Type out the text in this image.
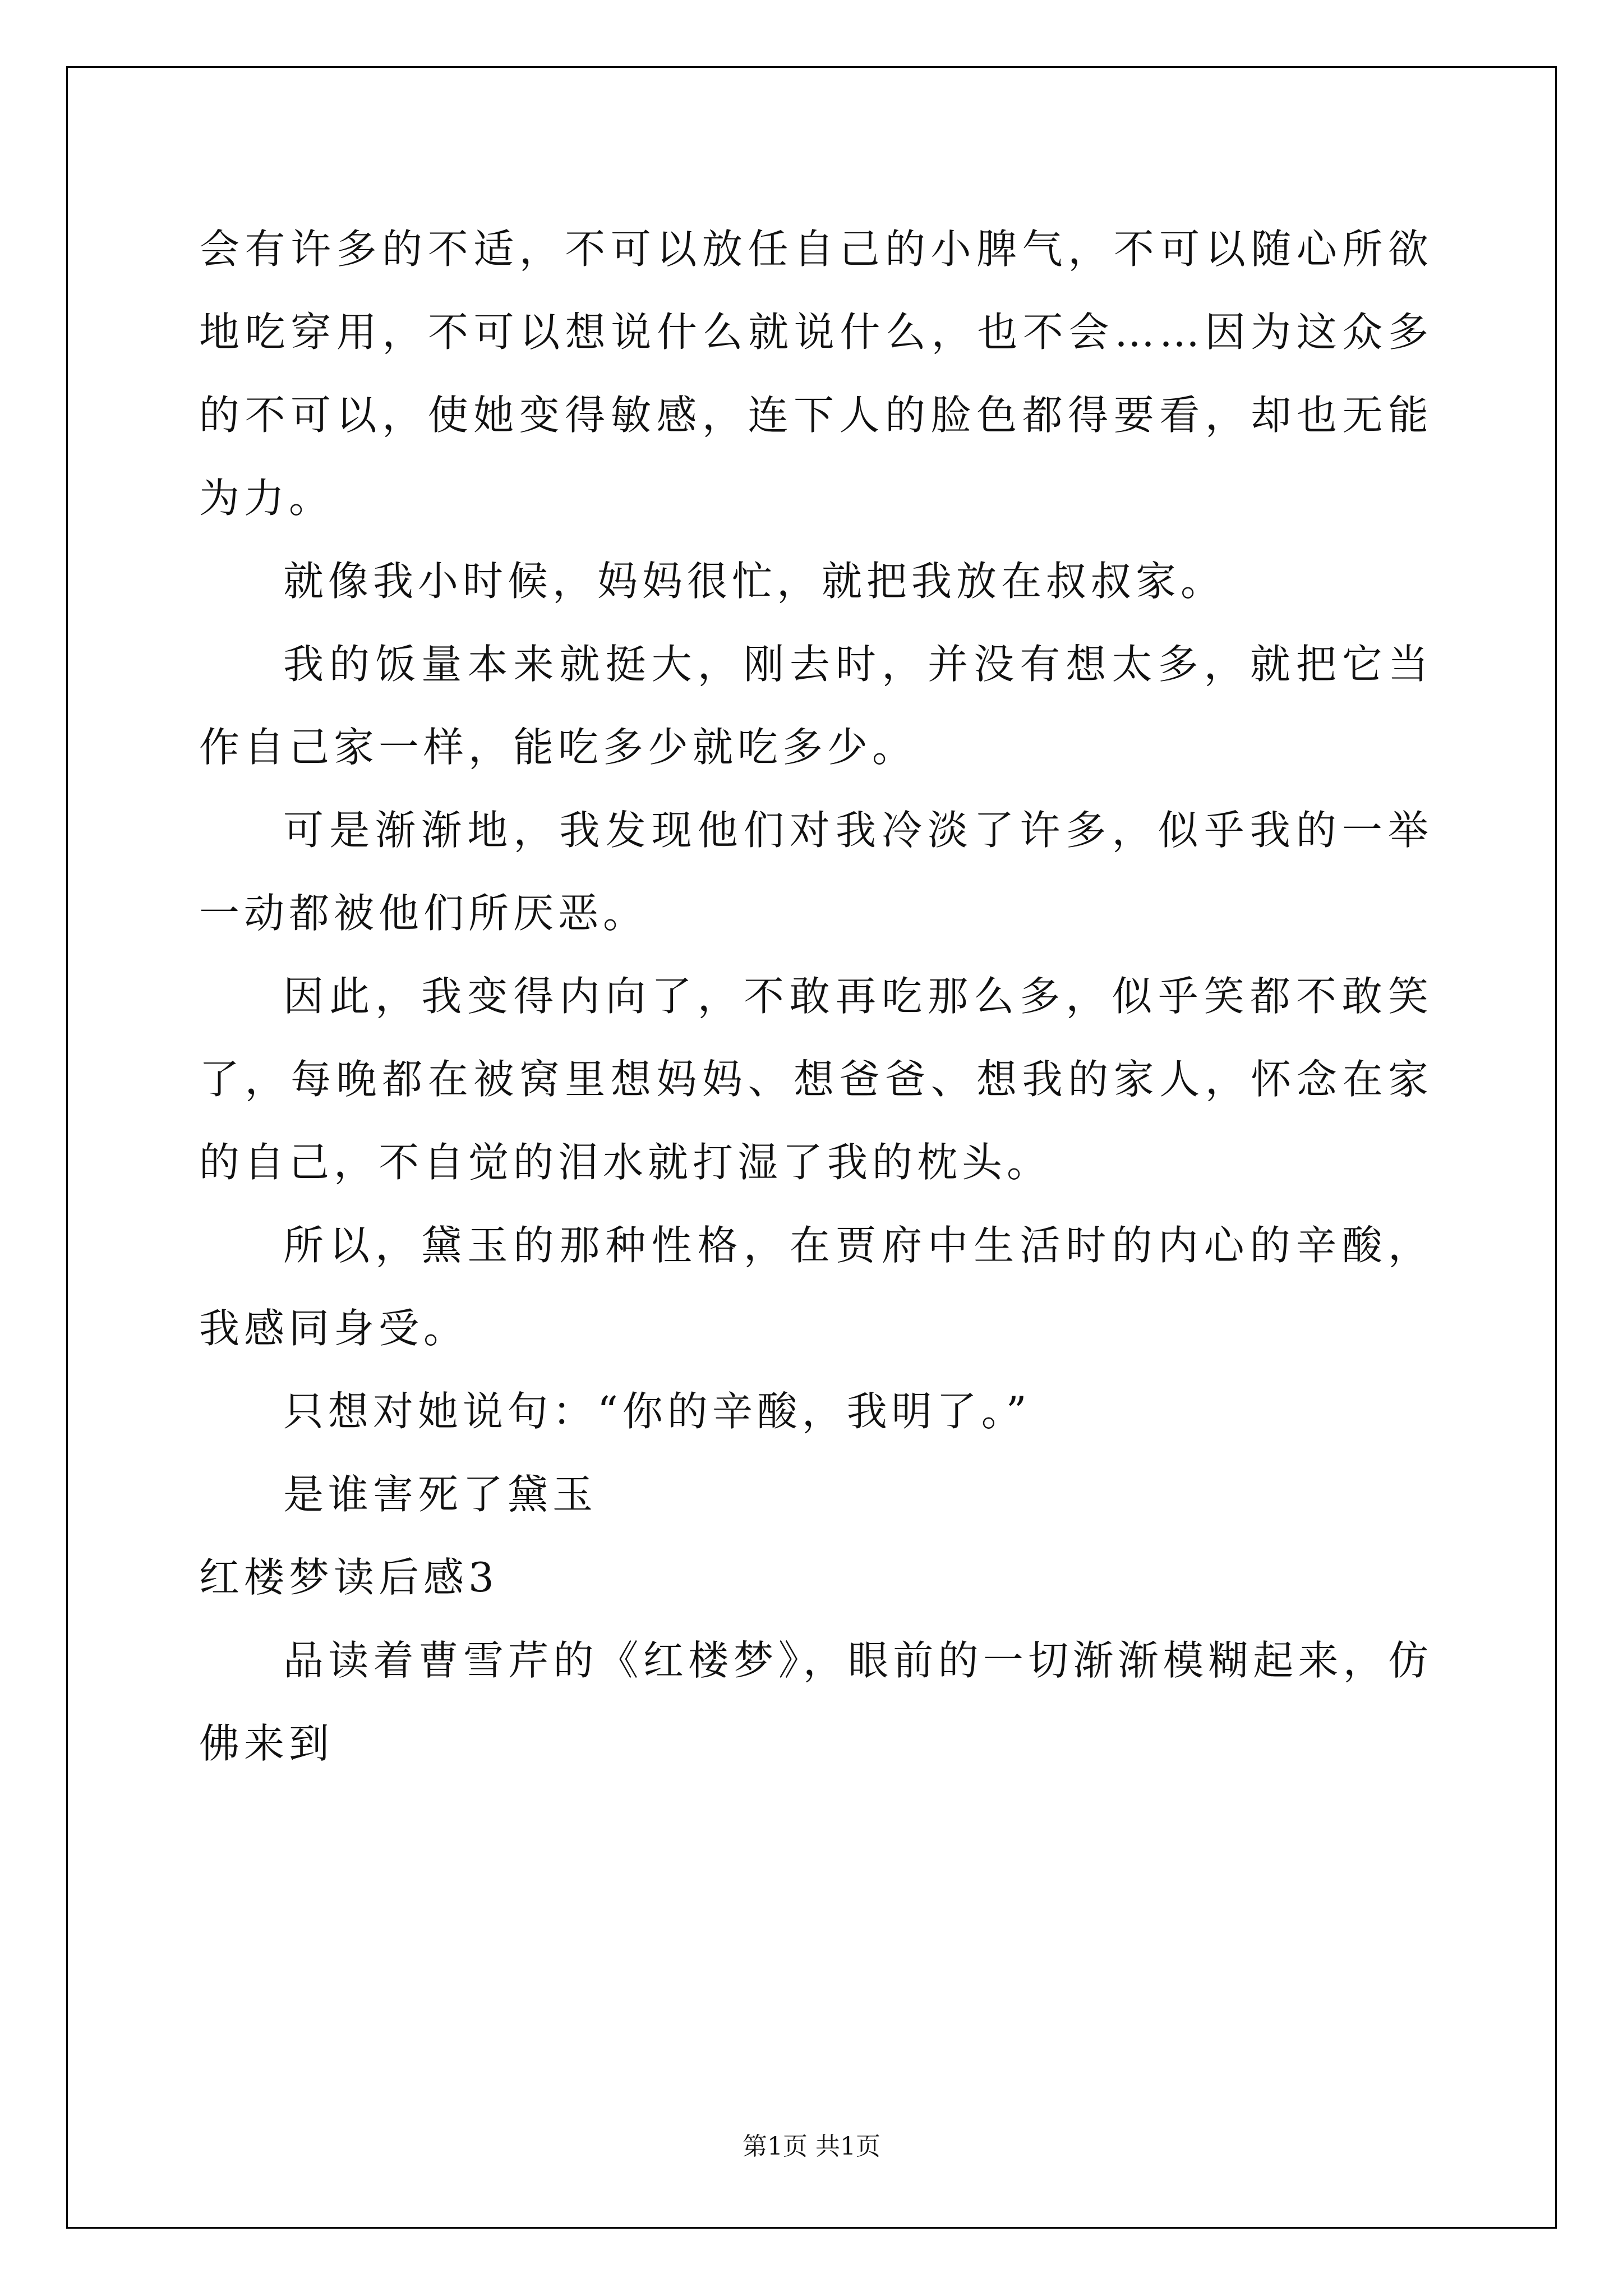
会有许多的不适，不可以放任自己的小脾气，不可以随心所欲地吃穿用，不可以想说什么就说什么，也不会……因为这众多的不可以，使她变得敏感，连下人的脸色都得要看，却也无能为力。

就像我小时候，妈妈很忙，就把我放在叔叔家。

我的饭量本来就挺大，刚去时，并没有想太多，就把它当作自己家一样，能吃多少就吃多少。

可是渐渐地，我发现他们对我冷淡了许多，似乎我的一举一动都被他们所厌恶。

因此，我变得内向了，不敢再吃那么多，似乎笑都不敢笑了，每晚都在被窝里想妈妈、想爸爸、想我的家人，怀念在家的自己，不自觉的泪水就打湿了我的枕头。

所以，黛玉的那种性格，在贾府中生活时的内心的辛酸，我感同身受。

只想对她说句：“你的辛酸，我明了。”

是谁害死了黛玉

红楼梦读后感3

品读着曹雪芹的《红楼梦》，眼前的一切渐渐模糊起来，仿佛来到

第1页 共1页
